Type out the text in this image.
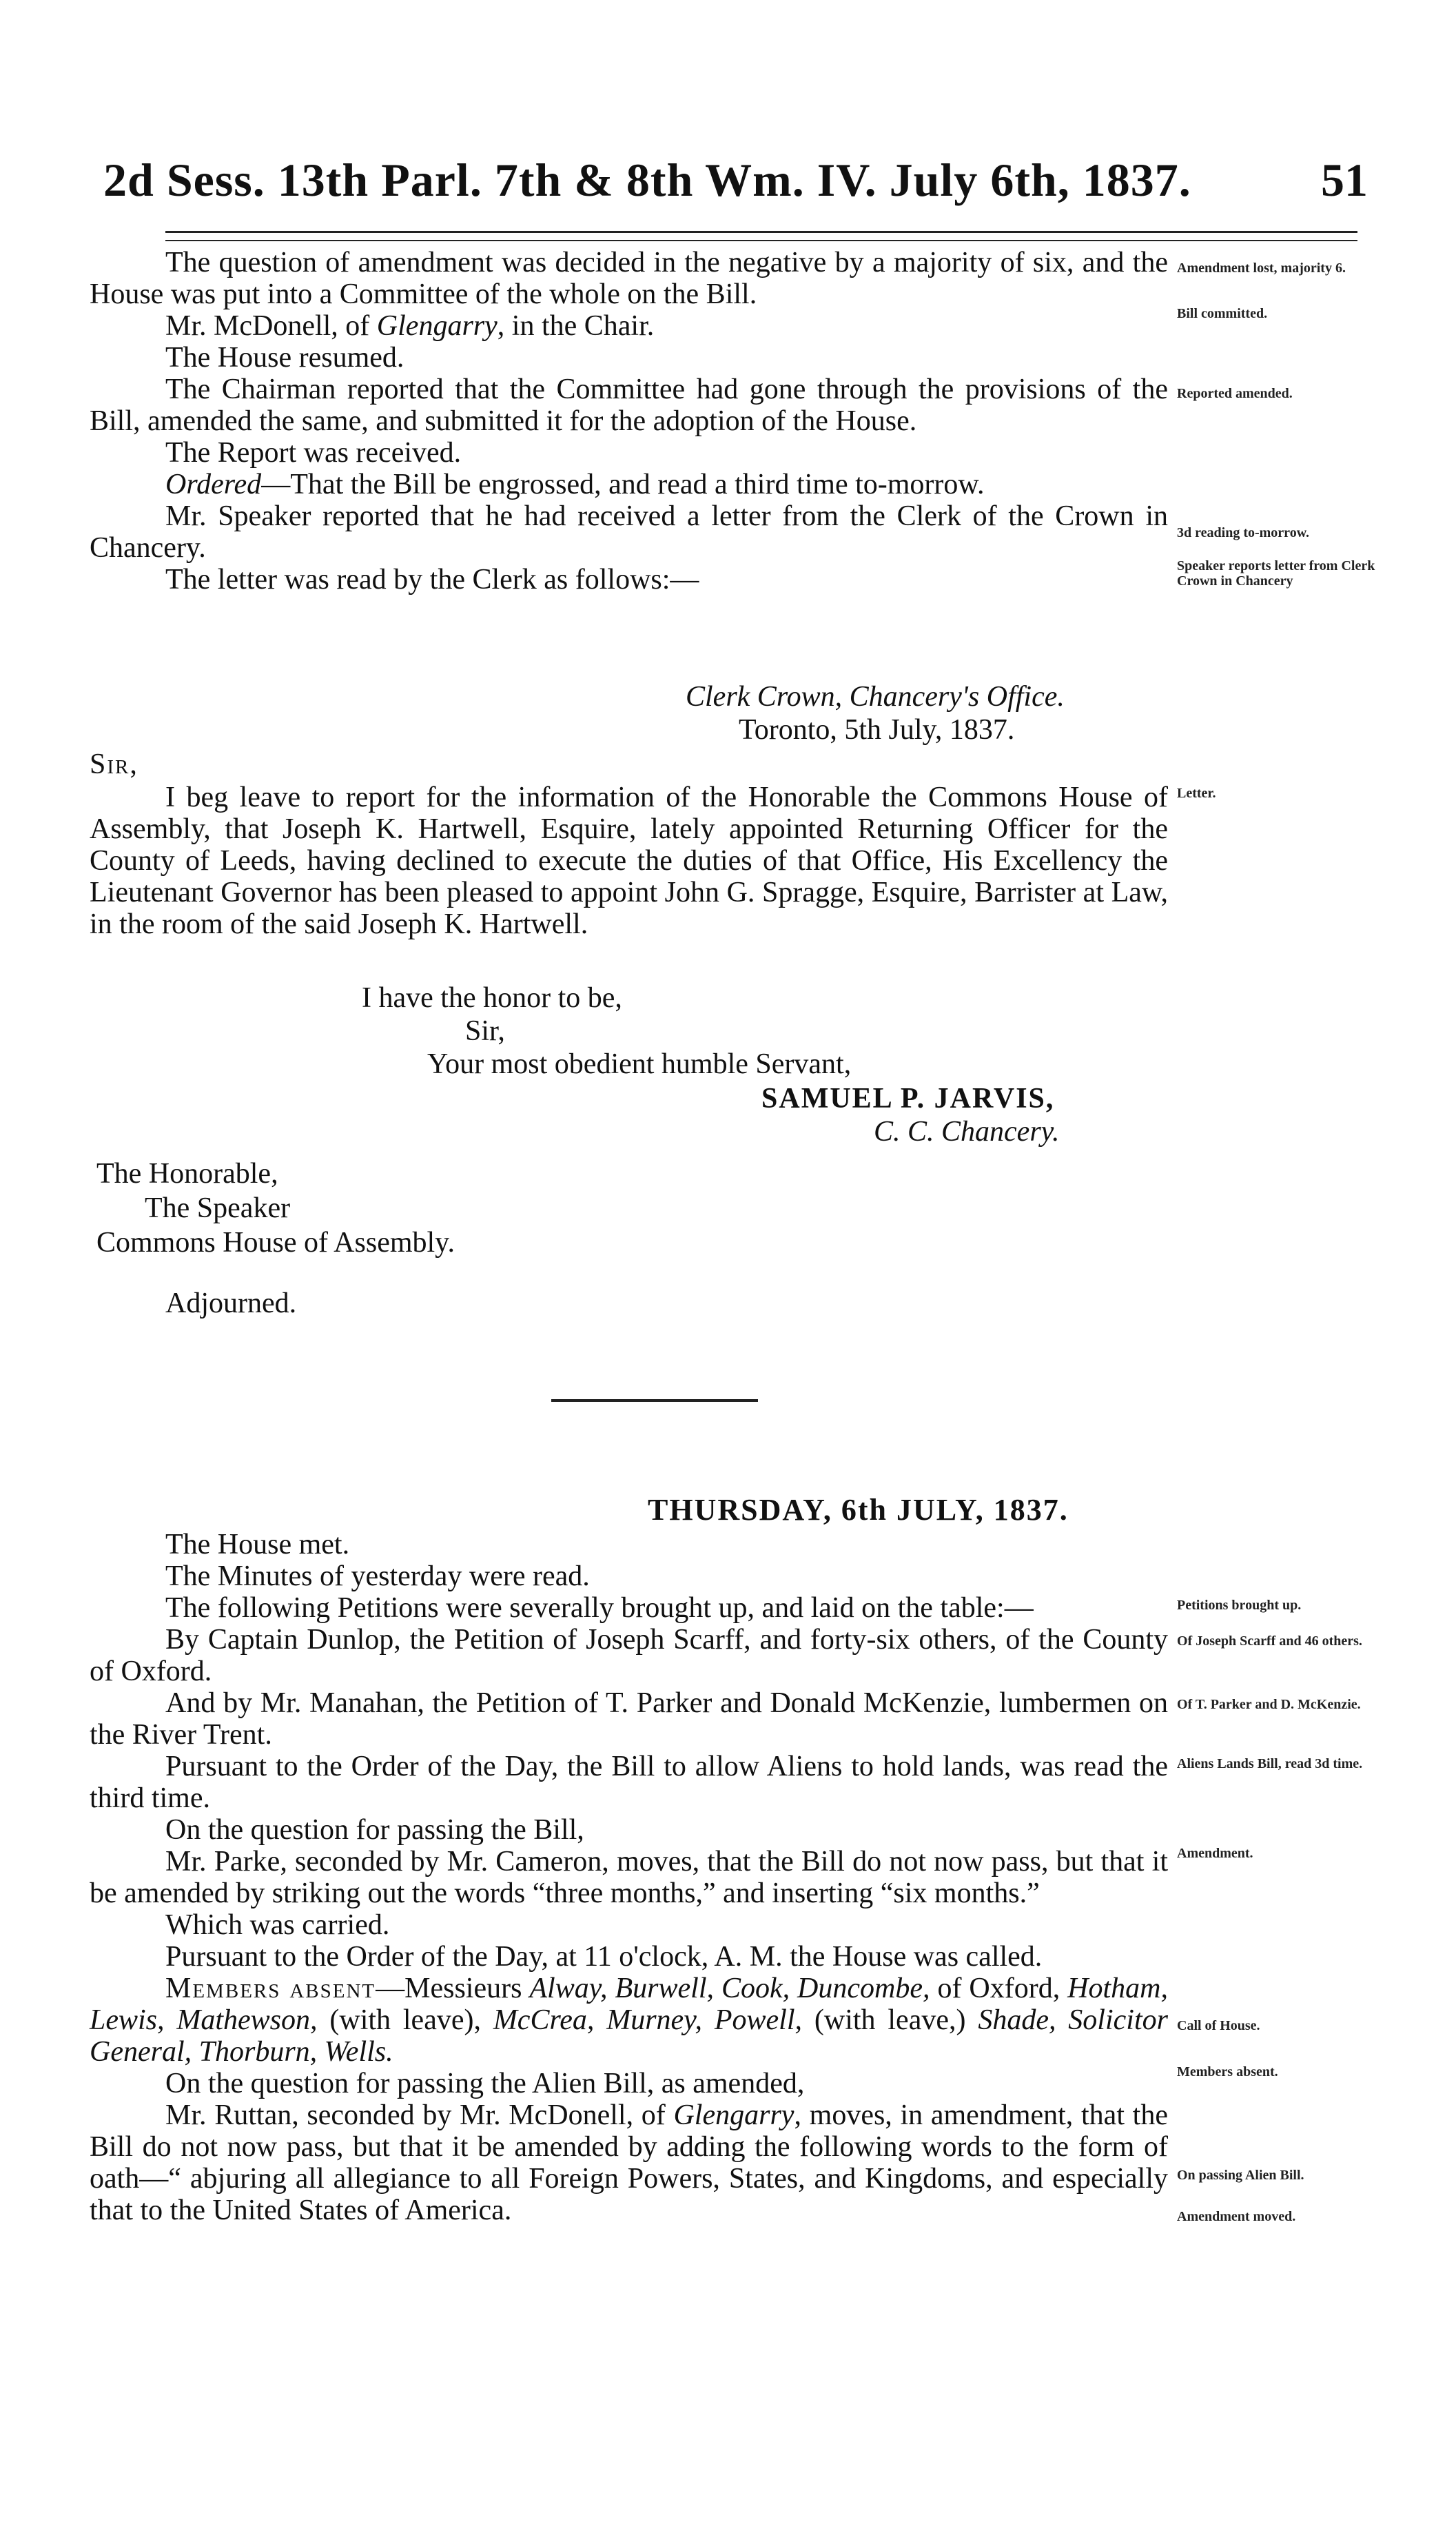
2d Sess. 13th Parl. 7th & 8th Wm. IV. July 6th, 1837.	51

The question of amendment was decided in the negative by a majority of six, and the House was put into a Committee of the whole on the Bill.

Mr. McDonell, of Glengarry, in the Chair.

The House resumed.

The Chairman reported that the Committee had gone through the provisions of the Bill, amended the same, and submitted it for the adoption of the House.

The Report was received.

Ordered—That the Bill be engrossed, and read a third time to-morrow.

Mr. Speaker reported that he had received a letter from the Clerk of the Crown in Chancery.

The letter was read by the Clerk as follows:—

Clerk Crown, Chancery's Office.
Toronto, 5th July, 1837.
Sir,

I beg leave to report for the information of the Honorable the Commons House of Assembly, that Joseph K. Hartwell, Esquire, lately appointed Returning Officer for the County of Leeds, having declined to execute the duties of that Office, His Excellency the Lieutenant Governor has been pleased to appoint John G. Spragge, Esquire, Barrister at Law, in the room of the said Joseph K. Hartwell.

I have the honor to be,
Sir,
Your most obedient humble Servant,
SAMUEL P. JARVIS,
C. C. Chancery.
The Honorable,
The Speaker
Commons House of Assembly.
Adjourned.
THURSDAY, 6th JULY, 1837.

The House met.

The Minutes of yesterday were read.

The following Petitions were severally brought up, and laid on the table:—

By Captain Dunlop, the Petition of Joseph Scarff, and forty-six others, of the County of Oxford.

And by Mr. Manahan, the Petition of T. Parker and Donald McKenzie, lumbermen on the River Trent.

Pursuant to the Order of the Day, the Bill to allow Aliens to hold lands, was read the third time.

On the question for passing the Bill,

Mr. Parke, seconded by Mr. Cameron, moves, that the Bill do not now pass, but that it be amended by striking out the words “three months,” and inserting “six months.”

Which was carried.

Pursuant to the Order of the Day, at 11 o'clock, A. M. the House was called.

Members absent—Messieurs Alway, Burwell, Cook, Duncombe, of Oxford, Hotham, Lewis, Mathewson, (with leave), McCrea, Murney, Powell, (with leave,) Shade, Solicitor General, Thorburn, Wells.

On the question for passing the Alien Bill, as amended,

Mr. Ruttan, seconded by Mr. McDonell, of Glengarry, moves, in amendment, that the Bill do not now pass, but that it be amended by adding the following words to the form of oath—“ abjuring all allegiance to all Foreign Powers, States, and Kingdoms, and especially that to the United States of America.

Amendment lost, majority 6.
Bill committed.
Reported amended.
3d reading to-morrow.
Speaker reports letter from Clerk Crown in Chancery
Letter.
Petitions brought up.
Of Joseph Scarff and 46 others.
Of T. Parker and D. McKenzie.
Aliens Lands Bill, read 3d time.
Amendment.
Call of House.
Members absent.
On passing Alien Bill.
Amendment moved.
